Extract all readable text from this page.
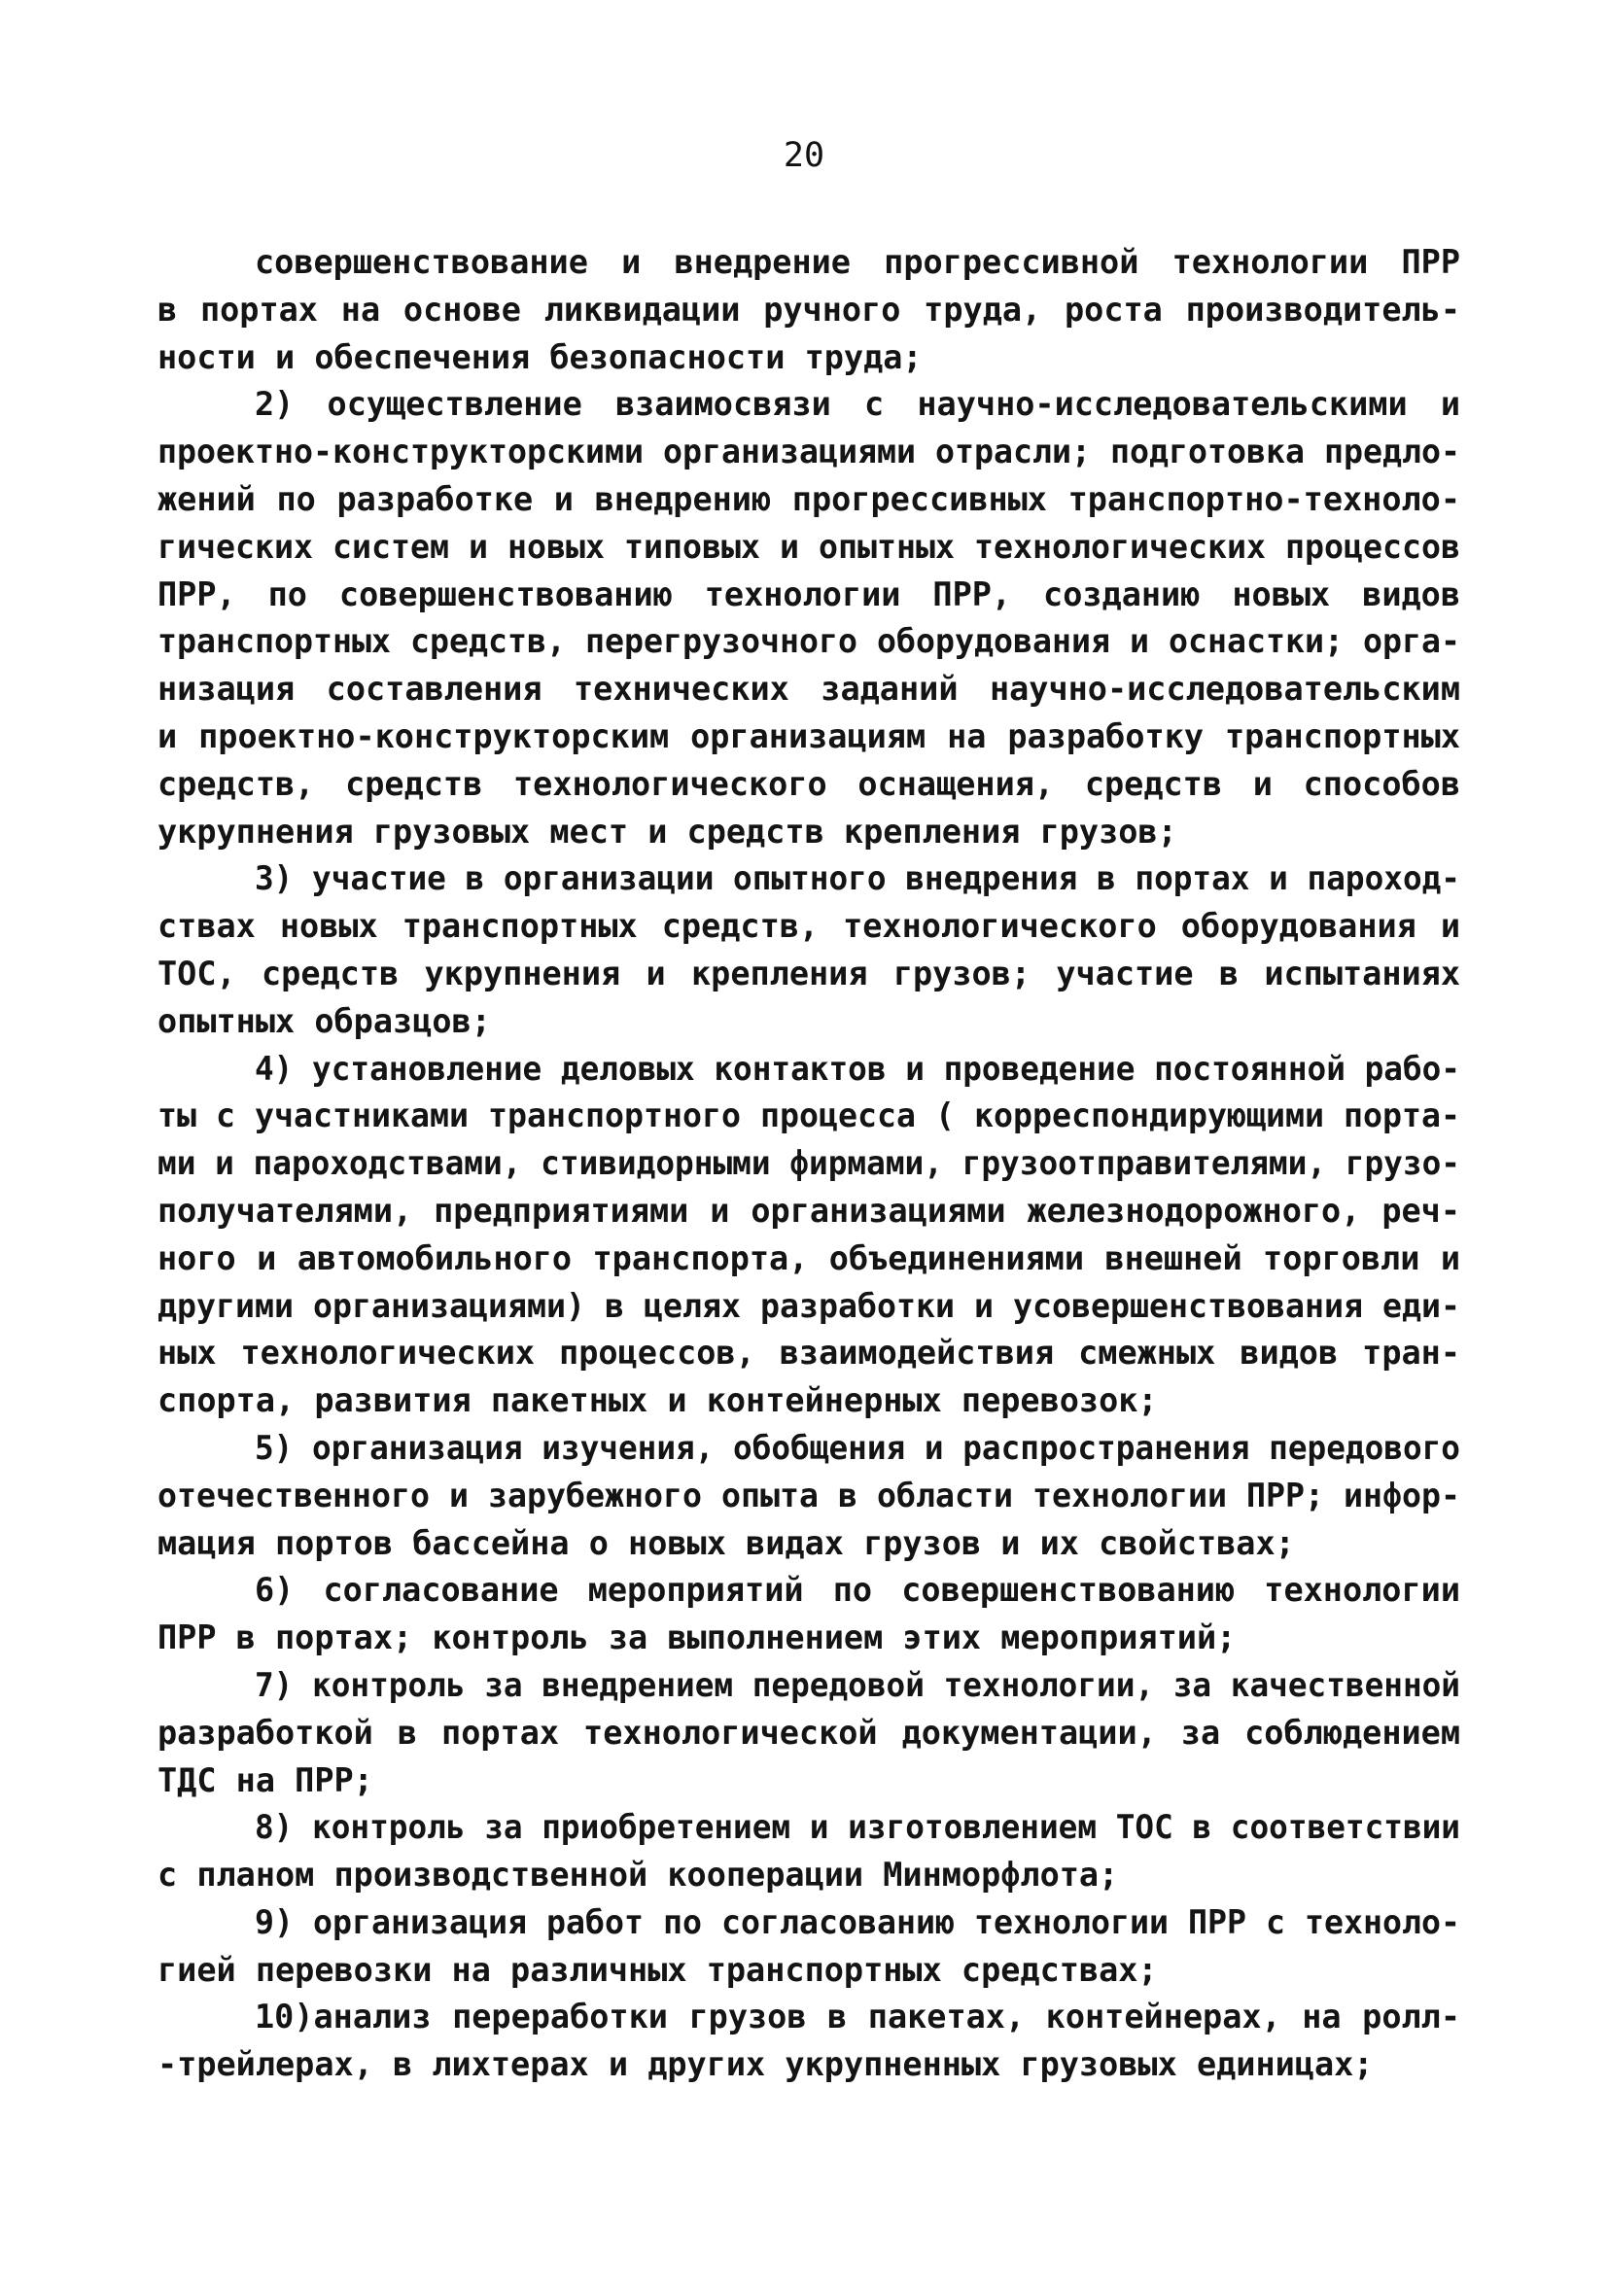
20
совершенствование и внедрение прогрессивной технологии ПРР
в портах на основе ликвидации ручного труда, роста производитель-
ности и обеспечения безопасности труда;
2) осуществление взаимосвязи с научно-исследовательскими и
проектно-конструкторскими организациями отрасли; подготовка предло-
жений по разработке и внедрению прогрессивных транспортно-техноло-
гических систем и новых типовых и опытных технологических процессов
ПРР, по совершенствованию технологии ПРР, созданию новых видов
транспортных средств, перегрузочного оборудования и оснастки; орга-
низация составления технических заданий научно-исследовательским
и проектно-конструкторским организациям на разработку транспортных
средств, средств технологического оснащения, средств и способов
укрупнения грузовых мест и средств крепления грузов;
3) участие в организации опытного внедрения в портах и пароход-
ствах новых транспортных средств, технологического оборудования и
ТОС, средств укрупнения и крепления грузов; участие в испытаниях
опытных образцов;
4) установление деловых контактов и проведение постоянной рабо-
ты с участниками транспортного процесса ( корреспондирующими порта-
ми и пароходствами, стивидорными фирмами, грузоотправителями, грузо-
получателями, предприятиями и организациями железнодорожного, реч-
ного и автомобильного транспорта, объединениями внешней торговли и
другими организациями) в целях разработки и усовершенствования еди-
ных технологических процессов, взаимодействия смежных видов тран-
спорта, развития пакетных и контейнерных перевозок;
5) организация изучения, обобщения и распространения передового
отечественного и зарубежного опыта в области технологии ПРР; инфор-
мация портов бассейна о новых видах грузов и их свойствах;
6) согласование мероприятий по совершенствованию технологии
ПРР в портах; контроль за выполнением этих мероприятий;
7) контроль за внедрением передовой технологии, за качественной
разработкой в портах технологической документации, за соблюдением
ТДС на ПРР;
8) контроль за приобретением и изготовлением ТОС в соответствии
с планом производственной кооперации Минморфлота;
9) организация работ по согласованию технологии ПРР с техноло-
гией перевозки на различных транспортных средствах;
10)анализ переработки грузов в пакетах, контейнерах, на ролл-
-трейлерах, в лихтерах и других укрупненных грузовых единицах;
